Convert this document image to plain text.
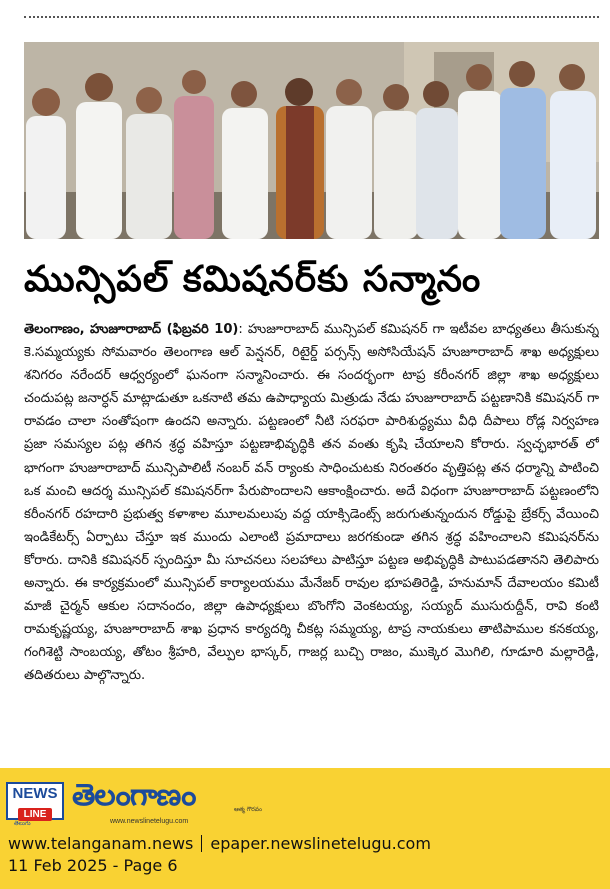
మున్సిపల్ కమిషనర్‌కు సన్మానం
తెలంగాణం, హుజూరాబాద్ (ఫిబ్రవరి 10): హుజూరాబాద్ మున్సిపల్ కమిషనర్ గా ఇటీవల బాధ్యతలు తీసుకున్న కె.సమ్మయ్యకు సోమవారం తెలంగాణ ఆల్ పెన్షనర్, రిటైర్డ్ పర్సన్స్ అసోసియేషన్ హుజూరాబాద్ శాఖ అధ్యక్షులు శనిగరం నరేందర్ ఆధ్వర్యంలో ఘనంగా సన్మానించారు. ఈ సందర్భంగా టాప్ర కరీంనగర్ జిల్లా శాఖ అధ్యక్షులు చందుపట్ల జనార్ధన్ మాట్లాడుతూ ఒకనాటి తమ ఉపాధ్యాయ మిత్రుడు నేడు హుజూరాబాద్ పట్టణానికి కమిషనర్ గా రావడం చాలా సంతోషంగా ఉందని అన్నారు. పట్టణంలో నీటి సరఫరా పారిశుద్ధ్యము వీధి దీపాలు రోడ్ల నిర్వహణ ప్రజా సమస్యల పట్ల తగిన శ్రద్ధ వహిస్తూ పట్టణాభివృద్ధికి తన వంతు కృషి చేయాలని కోరారు. స్వచ్ఛభారత్ లో భాగంగా హుజూరాబాద్ మున్సిపాలిటీ నంబర్ వన్ ర్యాంకు సాధించుటకు నిరంతరం వృత్తిపట్ల తన ధర్మాన్ని పాటించి ఒక మంచి ఆదర్శ మున్సిపల్ కమిషనర్‌గా పేరుపొందాలని ఆకాంక్షించారు. అదే విధంగా హుజూరాబాద్ పట్టణంలోని కరీంనగర్ రహదారి ప్రభుత్వ కళాశాల మూలమలుపు వద్ద యాక్సిడెంట్స్ జరుగుతున్నందున రోడ్డుపై బ్రేకర్స్ వేయించి ఇండికేటర్స్ ఏర్పాటు చేస్తూ ఇక ముందు ఎలాంటి ప్రమాదాలు జరగకుండా తగిన శ్రద్ధ వహించాలని కమిషనర్‌ను కోరారు. దానికి కమిషనర్ స్పందిస్తూ మీ సూచనలు సలహాలు పాటిస్తూ పట్టణ అభివృద్ధికి పాటుపడతానని తెలిపారు అన్నారు. ఈ కార్యక్రమంలో మున్సిపల్ కార్యాలయము మేనేజర్ రావుల భూపతిరెడ్డి, హనుమాన్ దేవాలయం కమిటీ మాజీ చైర్మన్ ఆకుల సదానందం, జిల్లా ఉపాధ్యక్షులు బొంగోని వెంకటయ్య, సయ్యద్ ముసురుద్దీన్, రావి కంటి రామకృష్ణయ్య, హుజూరాబాద్ శాఖ ప్రధాన కార్యదర్శి చీకట్ల సమ్మయ్య, టాప్ర నాయకులు తాటిపాముల కనకయ్య, గంగిశెట్టి సాంబయ్య, తోటం శ్రీహరి, వేల్పుల భాస్కర్, గాజర్ల బుచ్చి రాజం, ముక్కెర మొగిలి, గూడూరి మల్లారెడ్డి, తదితరులు పాల్గొన్నారు.
NEWS
LINE
తెలుగు
తెలంగాణం	ఆత్మ గౌరవం
www.newslinetelugu.com
www.telanganam.news epaper.newslinetelugu.com
11 Feb 2025 - Page 6
